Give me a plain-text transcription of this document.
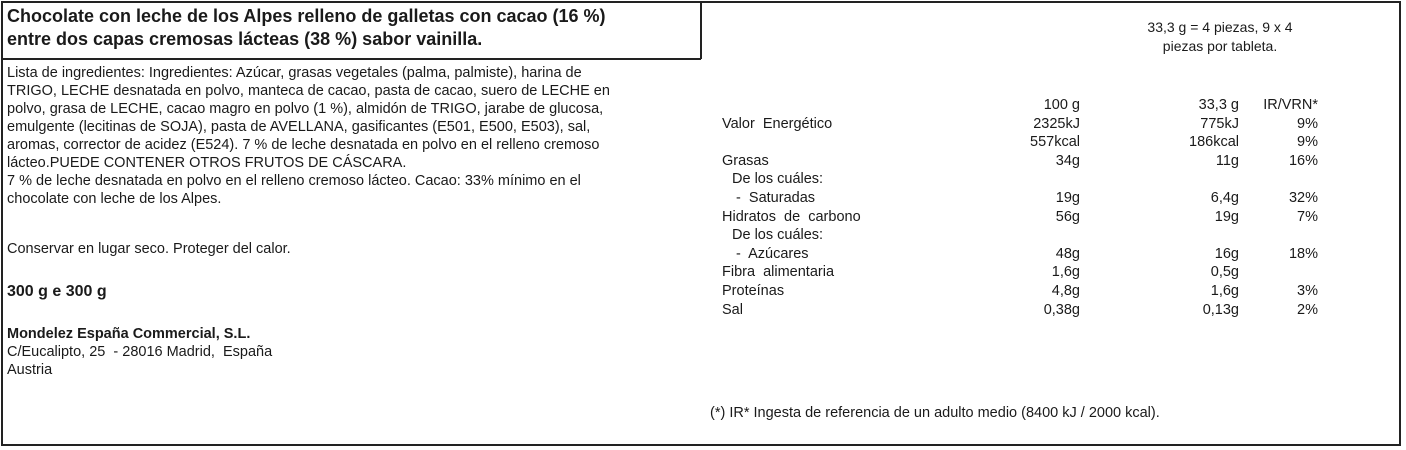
Chocolate con leche de los Alpes relleno de galletas con cacao (16 %)
entre dos capas cremosas lácteas (38 %) sabor vainilla.
33,3 g = 4 piezas, 9 x 4
piezas por tableta.
Lista de ingredientes: Ingredientes: Azúcar, grasas vegetales (palma, palmiste), harina de
TRIGO, LECHE desnatada en polvo, manteca de cacao, pasta de cacao, suero de LECHE en
polvo, grasa de LECHE, cacao magro en polvo (1 %), almidón de TRIGO, jarabe de glucosa,
emulgente (lecitinas de SOJA), pasta de AVELLANA, gasificantes (E501, E500, E503), sal,
aromas, corrector de acidez (E524). 7 % de leche desnatada en polvo en el relleno cremoso
lácteo.PUEDE CONTENER OTROS FRUTOS DE CÁSCARA.
7 % de leche desnatada en polvo en el relleno cremoso lácteo. Cacao: 33% mínimo en el
chocolate con leche de los Alpes.
Conservar en lugar seco. Proteger del calor.
300 g e 300 g
Mondelez España Commercial, S.L.
C/Eucalipto, 25  - 28016 Madrid,  España
Austria
100 g	33,3 g IR/VRN*
Valor  Energético	2325kJ	775kJ	9%
557kcal	186kcal	9%
Grasas	34g	11g	16%
De los cuáles:
-  Saturadas	19g	6,4g	32%
Hidratos  de  carbono	56g	19g	7%
De los cuáles:
-  Azúcares	48g	16g	18%
Fibra  alimentaria	1,6g	0,5g
Proteínas	4,8g	1,6g	3%
Sal	0,38g	0,13g	2%
(*) IR* Ingesta de referencia de un adulto medio (8400 kJ / 2000 kcal).
